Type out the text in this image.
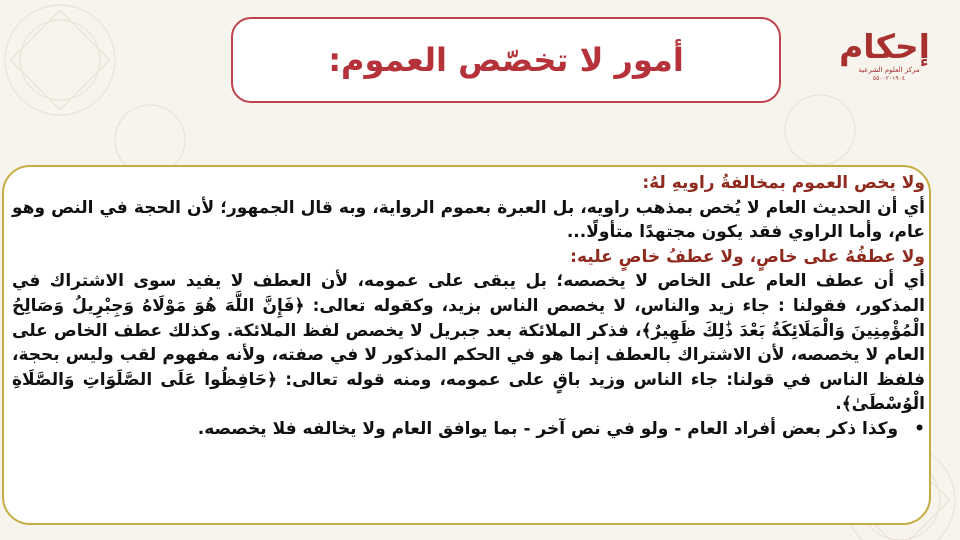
أمور لا تخصّص العموم:	إحكام
مركز العلوم الشرعية
٥٥٠٠٢٠١٩٠٤

ولا يخص العموم بمخالفةُ راويهِ لهُ:

أي أن الحديث العام لا يُخص بمذهب راويه، بل العبرة بعموم الرواية، وبه قال الجمهور؛ لأن الحجة في النص وهو عام، وأما الراوي فقد يكون مجتهدًا متأولًا...

ولا عطفُهُ على خاصٍ، ولا عطفُ خاصٍ عليه:

أي أن عطف العام على الخاص لا يخصصه؛ بل يبقى على عمومه، لأن العطف لا يفيد سوى الاشتراك في المذكور، فقولنا : جاء زيد والناس، لا يخصص الناس بزيد، وكقوله تعالى: ﴿فَإِنَّ اللَّهَ هُوَ مَوْلَاهُ وَجِبْرِيلُ وَصَالِحُ الْمُؤْمِنِينَ وَالْمَلَائِكَةُ بَعْدَ ذَٰلِكَ ظَهِيرٌ﴾، فذكر الملائكة بعد جبريل لا يخصص لفظ الملائكة. وكذلك عطف الخاص على العام لا يخصصه، لأن الاشتراك بالعطف إنما هو في الحكم المذكور لا في صفته، ولأنه مفهوم لقب وليس بحجة، فلفظ الناس في قولنا: جاء الناس وزيد باقٍ على عمومه، ومنه قوله تعالى: ﴿حَافِظُوا عَلَى الصَّلَوَاتِ وَالصَّلَاةِ الْوُسْطَىٰ﴾.

•وكذا ذكر بعض أفراد العام - ولو في نص آخر - بما يوافق العام ولا يخالفه فلا يخصصه.
